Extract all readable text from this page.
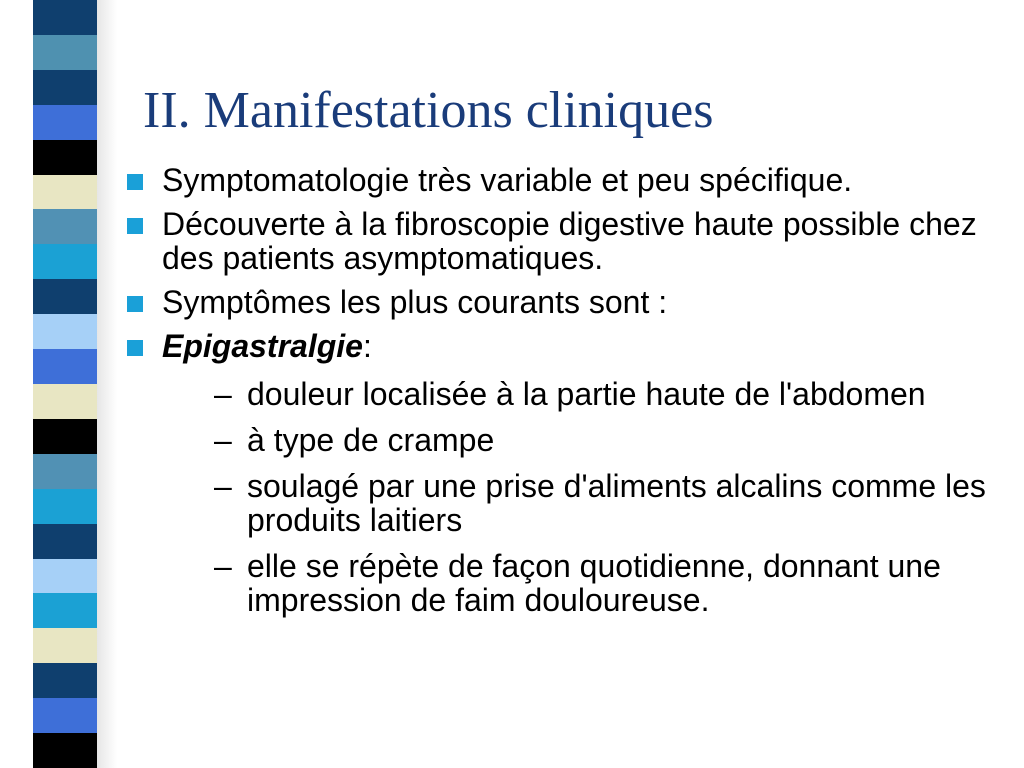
II. Manifestations cliniques
Symptomatologie très variable et peu spécifique.
Découverte à la fibroscopie digestive haute possible chez des patients asymptomatiques.
Symptômes les plus courants sont :
Epigastralgie:
– douleur localisée à la partie haute de l'abdomen
– à type de crampe
– soulagé par une prise d'aliments alcalins comme les produits laitiers
– elle se répète de façon quotidienne, donnant une impression de faim douloureuse.
